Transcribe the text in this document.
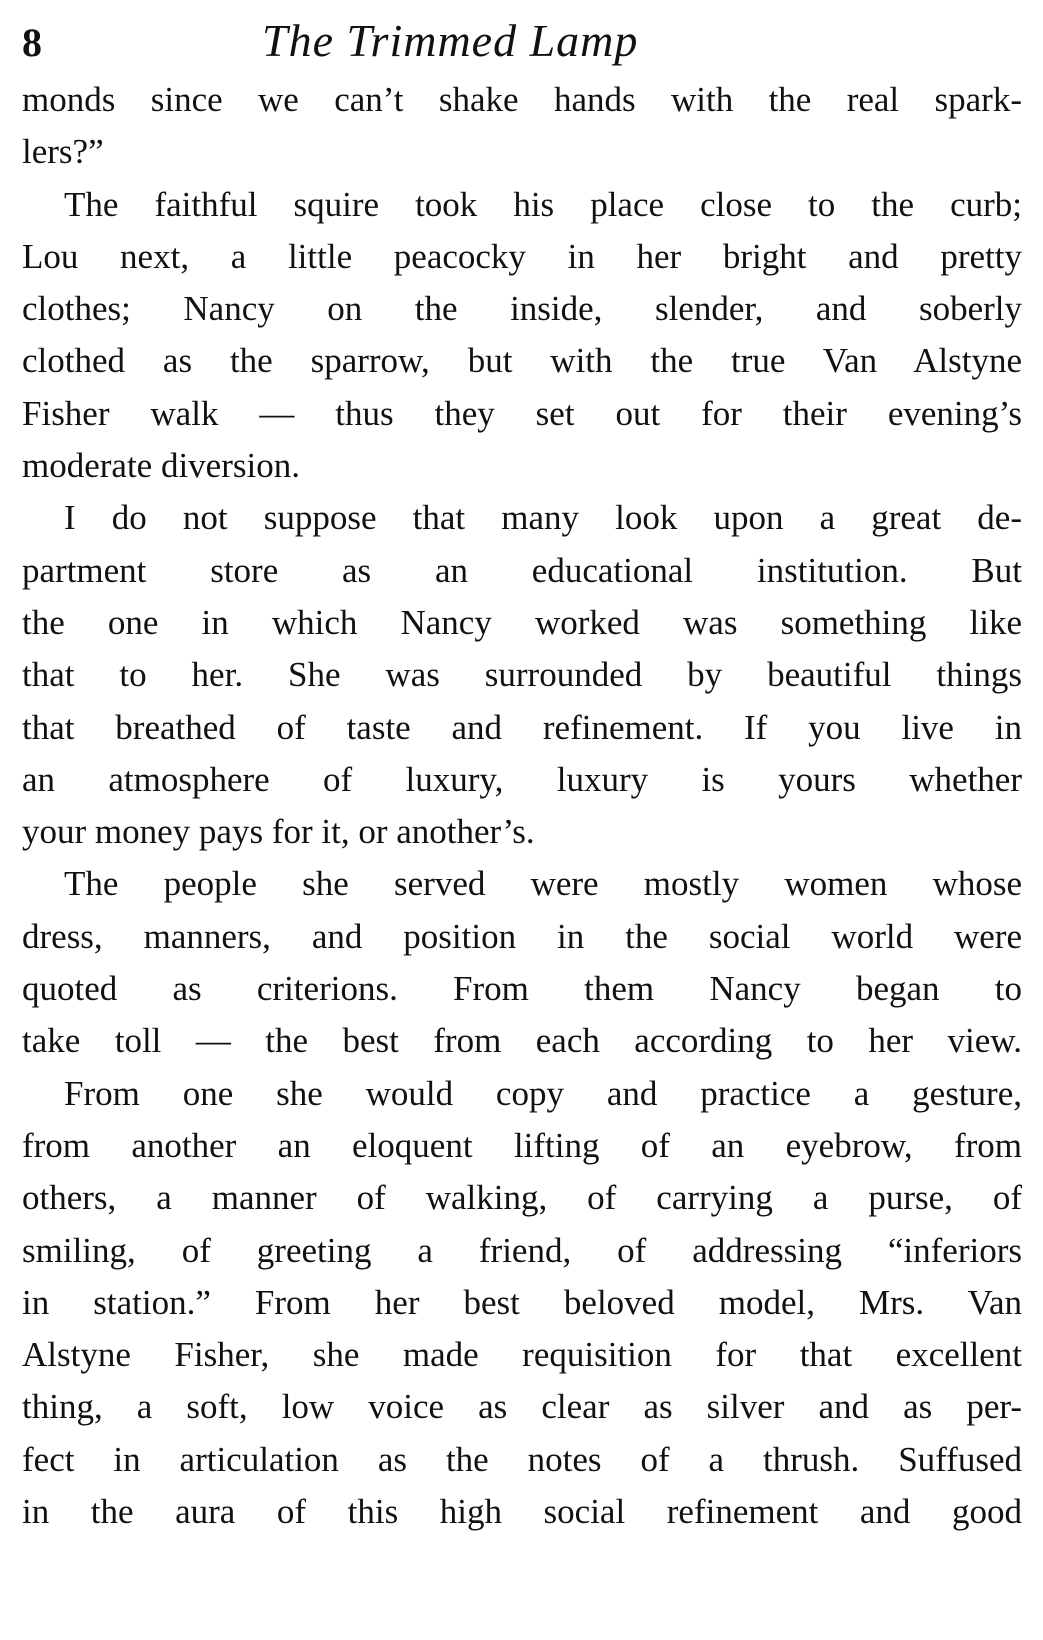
8	The Trimmed Lamp
monds since we can’t shake hands with the real spark-
lers?”
The faithful squire took his place close to the curb;
Lou next, a little peacocky in her bright and pretty
clothes; Nancy on the inside, slender, and soberly
clothed as the sparrow, but with the true Van Alstyne
Fisher walk — thus they set out for their evening’s
moderate diversion.
I do not suppose that many look upon a great de-
partment store as an educational institution. But
the one in which Nancy worked was something like
that to her. She was surrounded by beautiful things
that breathed of taste and refinement. If you live in
an atmosphere of luxury, luxury is yours whether
your money pays for it, or another’s.
The people she served were mostly women whose
dress, manners, and position in the social world were
quoted as criterions. From them Nancy began to
take toll — the best from each according to her view.
From one she would copy and practice a gesture,
from another an eloquent lifting of an eyebrow, from
others, a manner of walking, of carrying a purse, of
smiling, of greeting a friend, of addressing “inferiors
in station.” From her best beloved model, Mrs. Van
Alstyne Fisher, she made requisition for that excellent
thing, a soft, low voice as clear as silver and as per-
fect in articulation as the notes of a thrush. Suffused
in the aura of this high social refinement and good
